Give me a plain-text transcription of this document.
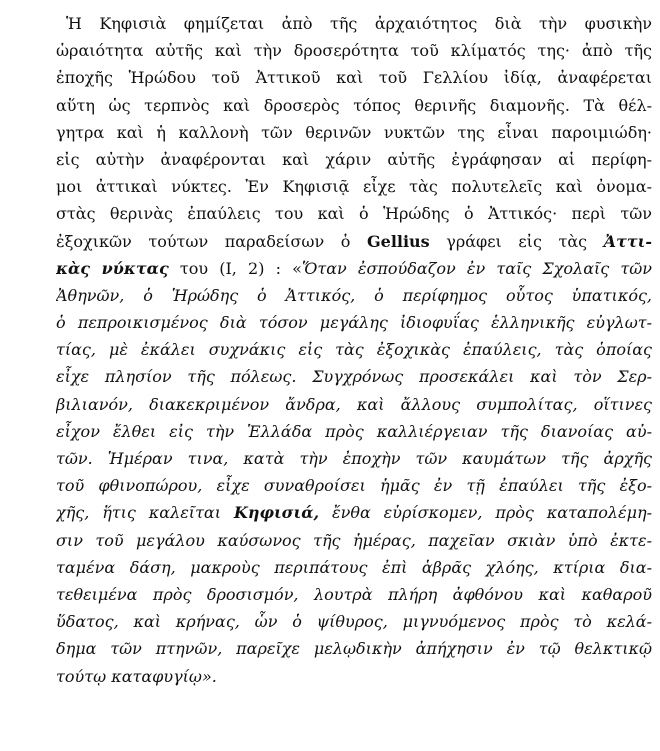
Ἡ Κηφισιὰ φημίζεται ἀπὸ τῆς ἀρχαιότητος διὰ τὴν φυσικὴν
ὡραιότητα αὐτῆς καὶ τὴν δροσερότητα τοῦ κλίματός της· ἀπὸ τῆς
ἐποχῆς Ἡρώδου τοῦ Ἀττικοῦ καὶ τοῦ Γελλίου ἰδίᾳ, ἀναφέρεται
αὕτη ὡς τερπνὸς καὶ δροσερὸς τόπος θερινῆς διαμονῆς. Τὰ θέλ-
γητρα καὶ ἡ καλλονὴ τῶν θερινῶν νυκτῶν της εἶναι παροιμιώδη·
εἰς αὐτὴν ἀναφέρονται καὶ χάριν αὐτῆς ἐγράφησαν αἱ περίφη-
μοι ἀττικαὶ νύκτες. Ἐν Κηφισιᾷ εἶχε τὰς πολυτελεῖς καὶ ὀνομα-
στὰς θερινὰς ἐπαύλεις του καὶ ὁ Ἡρώδης ὁ Ἀττικός· περὶ τῶν
ἐξοχικῶν τούτων παραδείσων ὁ Gellius γράφει εἰς τὰς Ἀττι-
κὰς νύκτας του (I, 2) : «Ὅταν ἐσπούδαζον ἐν ταῖς Σχολαῖς τῶν
Ἀθηνῶν, ὁ Ἡρώδης ὁ Ἀττικός, ὁ περίφημος οὗτος ὑπατικός,
ὁ πεπροικισμένος διὰ τόσον μεγάλης ἰδιοφυΐας ἑλληνικῆς εὐγλωτ-
τίας, μὲ ἐκάλει συχνάκις εἰς τὰς ἐξοχικὰς ἐπαύλεις, τὰς ὁποίας
εἶχε πλησίον τῆς πόλεως. Συγχρόνως προσεκάλει καὶ τὸν Σερ-
βιλιανόν, διακεκριμένον ἄνδρα, καὶ ἄλλους συμπολίτας, οἵτινες
εἶχον ἔλθει εἰς τὴν Ἑλλάδα πρὸς καλλιέργειαν τῆς διανοίας αὐ-
τῶν. Ἡμέραν τινα, κατὰ τὴν ἐποχὴν τῶν καυμάτων τῆς ἀρχῆς
τοῦ φθινοπώρου, εἶχε συναθροίσει ἡμᾶς ἐν τῇ ἐπαύλει τῆς ἐξο-
χῆς, ἥτις καλεῖται Κηφισιά, ἔνθα εὑρίσκομεν, πρὸς καταπολέμη-
σιν τοῦ μεγάλου καύσωνος τῆς ἡμέρας, παχεῖαν σκιὰν ὑπὸ ἐκτε-
ταμένα δάση, μακροὺς περιπάτους ἐπὶ ἁβρᾶς χλόης, κτίρια δια-
τεθειμένα πρὸς δροσισμόν, λουτρὰ πλήρη ἀφθόνου καὶ καθαροῦ
ὕδατος, καὶ κρήνας, ὧν ὁ ψίθυρος, μιγνυόμενος πρὸς τὸ κελά-
δημα τῶν πτηνῶν, παρεῖχε μελῳδικὴν ἀπήχησιν ἐν τῷ θελκτικῷ
τούτῳ καταφυγίῳ».
